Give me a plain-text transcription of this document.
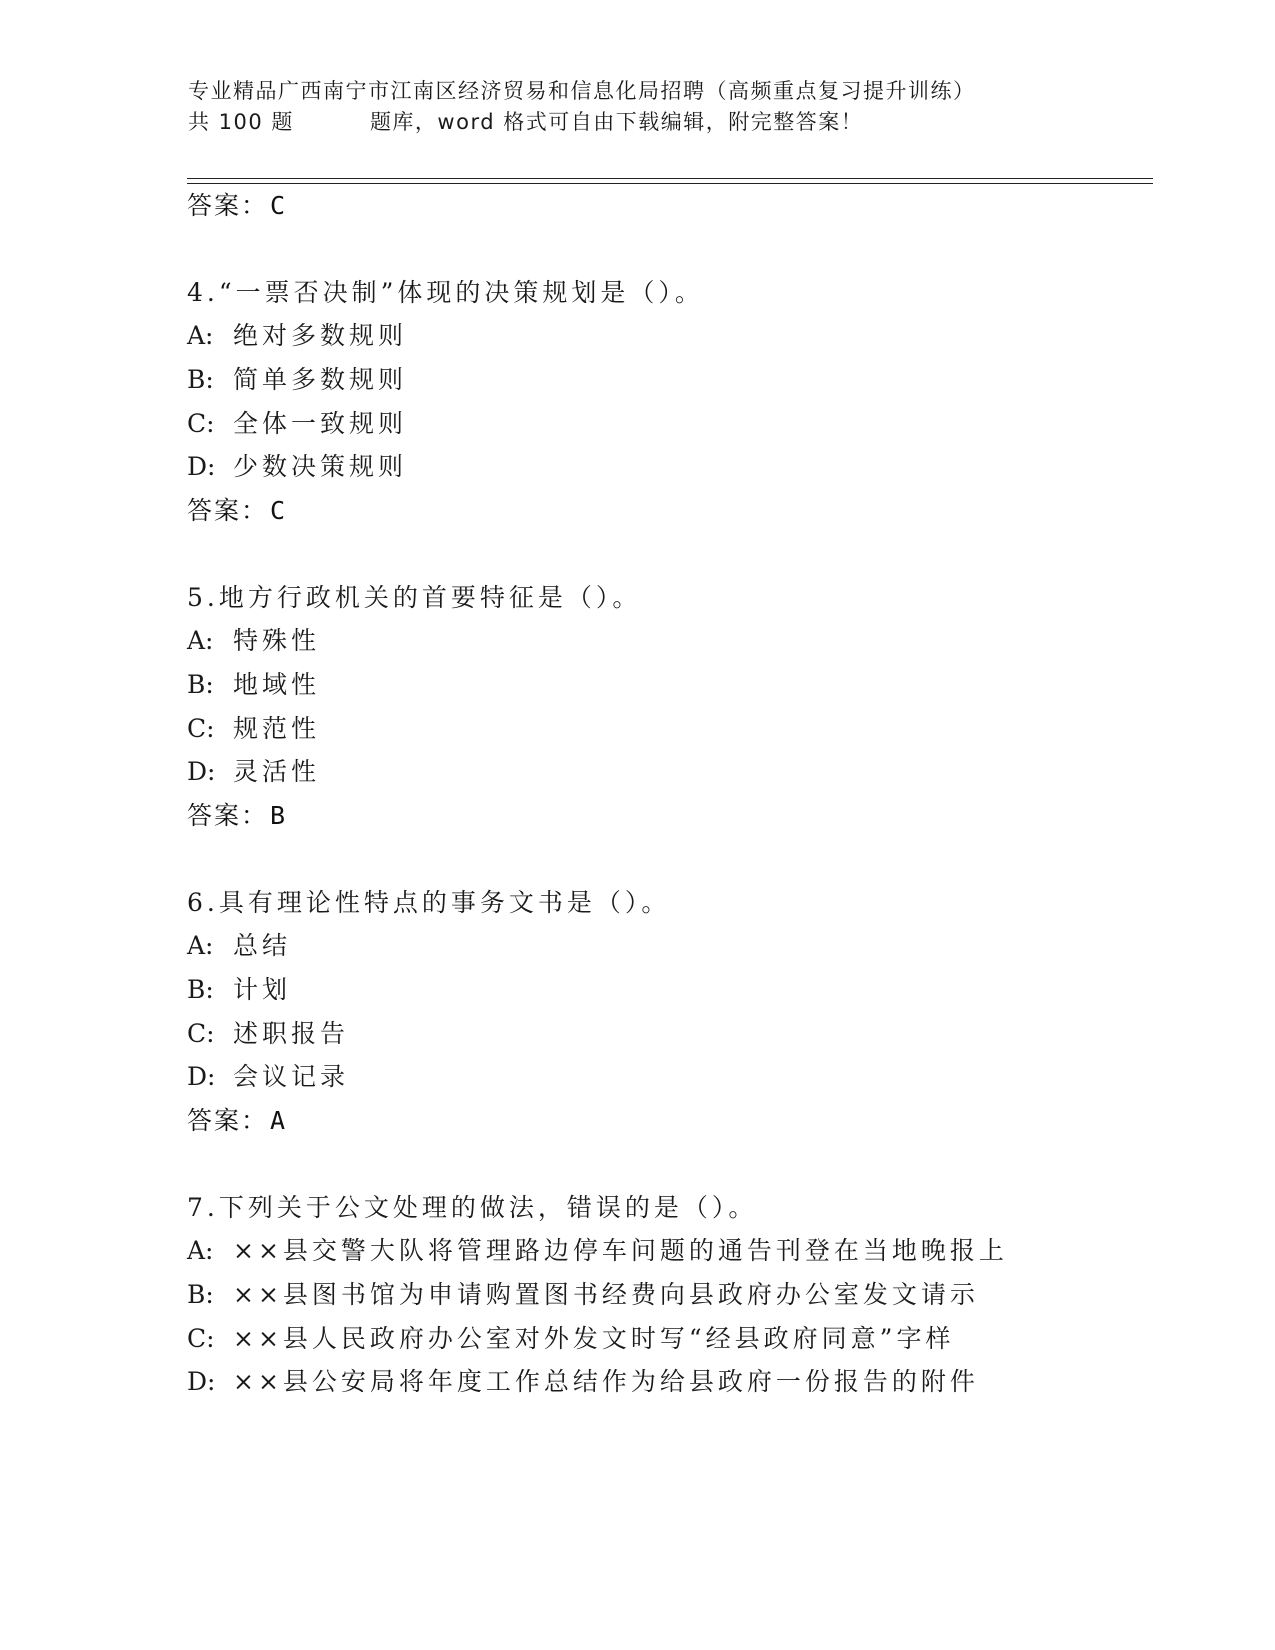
专业精品广西南宁市江南区经济贸易和信息化局招聘（高频重点复习提升训练）
共 100 题	题库，word 格式可自由下载编辑，附完整答案！
答案：C
4.“一票否决制”体现的决策规划是（）。
A: 绝对多数规则
B: 简单多数规则
C: 全体一致规则
D: 少数决策规则
答案：C
5.地方行政机关的首要特征是（）。
A: 特殊性
B: 地域性
C: 规范性
D: 灵活性
答案：B
6.具有理论性特点的事务文书是（）。
A: 总结
B: 计划
C: 述职报告
D: 会议记录
答案：A
7.下列关于公文处理的做法，错误的是（）。
A: ××县交警大队将管理路边停车问题的通告刊登在当地晚报上
B: ××县图书馆为申请购置图书经费向县政府办公室发文请示
C: ××县人民政府办公室对外发文时写“经县政府同意”字样
D: ××县公安局将年度工作总结作为给县政府一份报告的附件
